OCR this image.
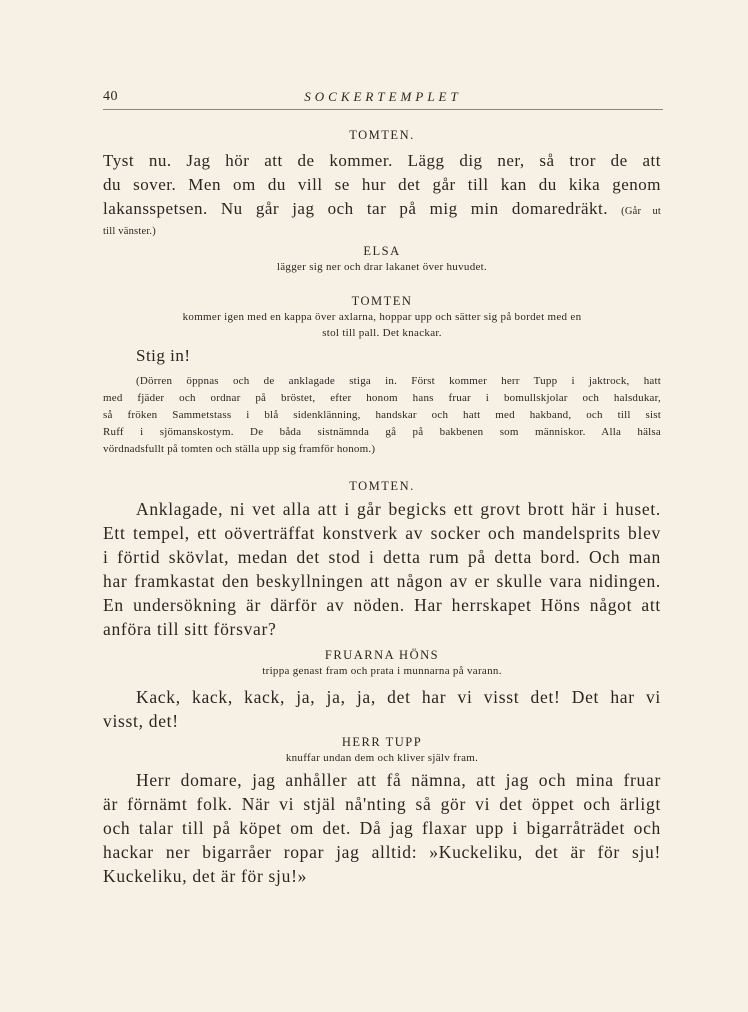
40	SOCKERTEMPLET
TOMTEN.
Tyst nu. Jag hör att de kommer. Lägg dig ner, så tror de att
du sover. Men om du vill se hur det går till kan du kika genom
lakansspetsen. Nu går jag och tar på mig min domaredräkt. (Går ut
till vänster.)
ELSA
lägger sig ner och drar lakanet över huvudet.
TOMTEN
kommer igen med en kappa över axlarna, hoppar upp och sätter sig på bordet med en
stol till pall. Det knackar.
Stig in!
(Dörren öppnas och de anklagade stiga in. Först kommer herr Tupp i jaktrock, hatt
med fjäder och ordnar på bröstet, efter honom hans fruar i bomullskjolar och halsdukar,
så fröken Sammetstass i blå sidenklänning, handskar och hatt med hakband, och till sist
Ruff i sjömanskostym. De båda sistnämnda gå på bakbenen som människor. Alla hälsa
vördnadsfullt på tomten och ställa upp sig framför honom.)
TOMTEN.
Anklagade, ni vet alla att i går begicks ett grovt brott här i huset.
Ett tempel, ett oöverträffat konstverk av socker och mandelsprits blev
i förtid skövlat, medan det stod i detta rum på detta bord. Och man
har framkastat den beskyllningen att någon av er skulle vara nidingen.
En undersökning är därför av nöden. Har herrskapet Höns något att
anföra till sitt försvar?
FRUARNA HÖNS
trippa genast fram och prata i munnarna på varann.
Kack, kack, kack, ja, ja, ja, det har vi visst det! Det har vi
visst, det!
HERR TUPP
knuffar undan dem och kliver själv fram.
Herr domare, jag anhåller att få nämna, att jag och mina fruar
är förnämt folk. När vi stjäl nå'nting så gör vi det öppet och ärligt
och talar till på köpet om det. Då jag flaxar upp i bigarråträdet och
hackar ner bigarråer ropar jag alltid: »Kuckeliku, det är för sju!
Kuckeliku, det är för sju!»
